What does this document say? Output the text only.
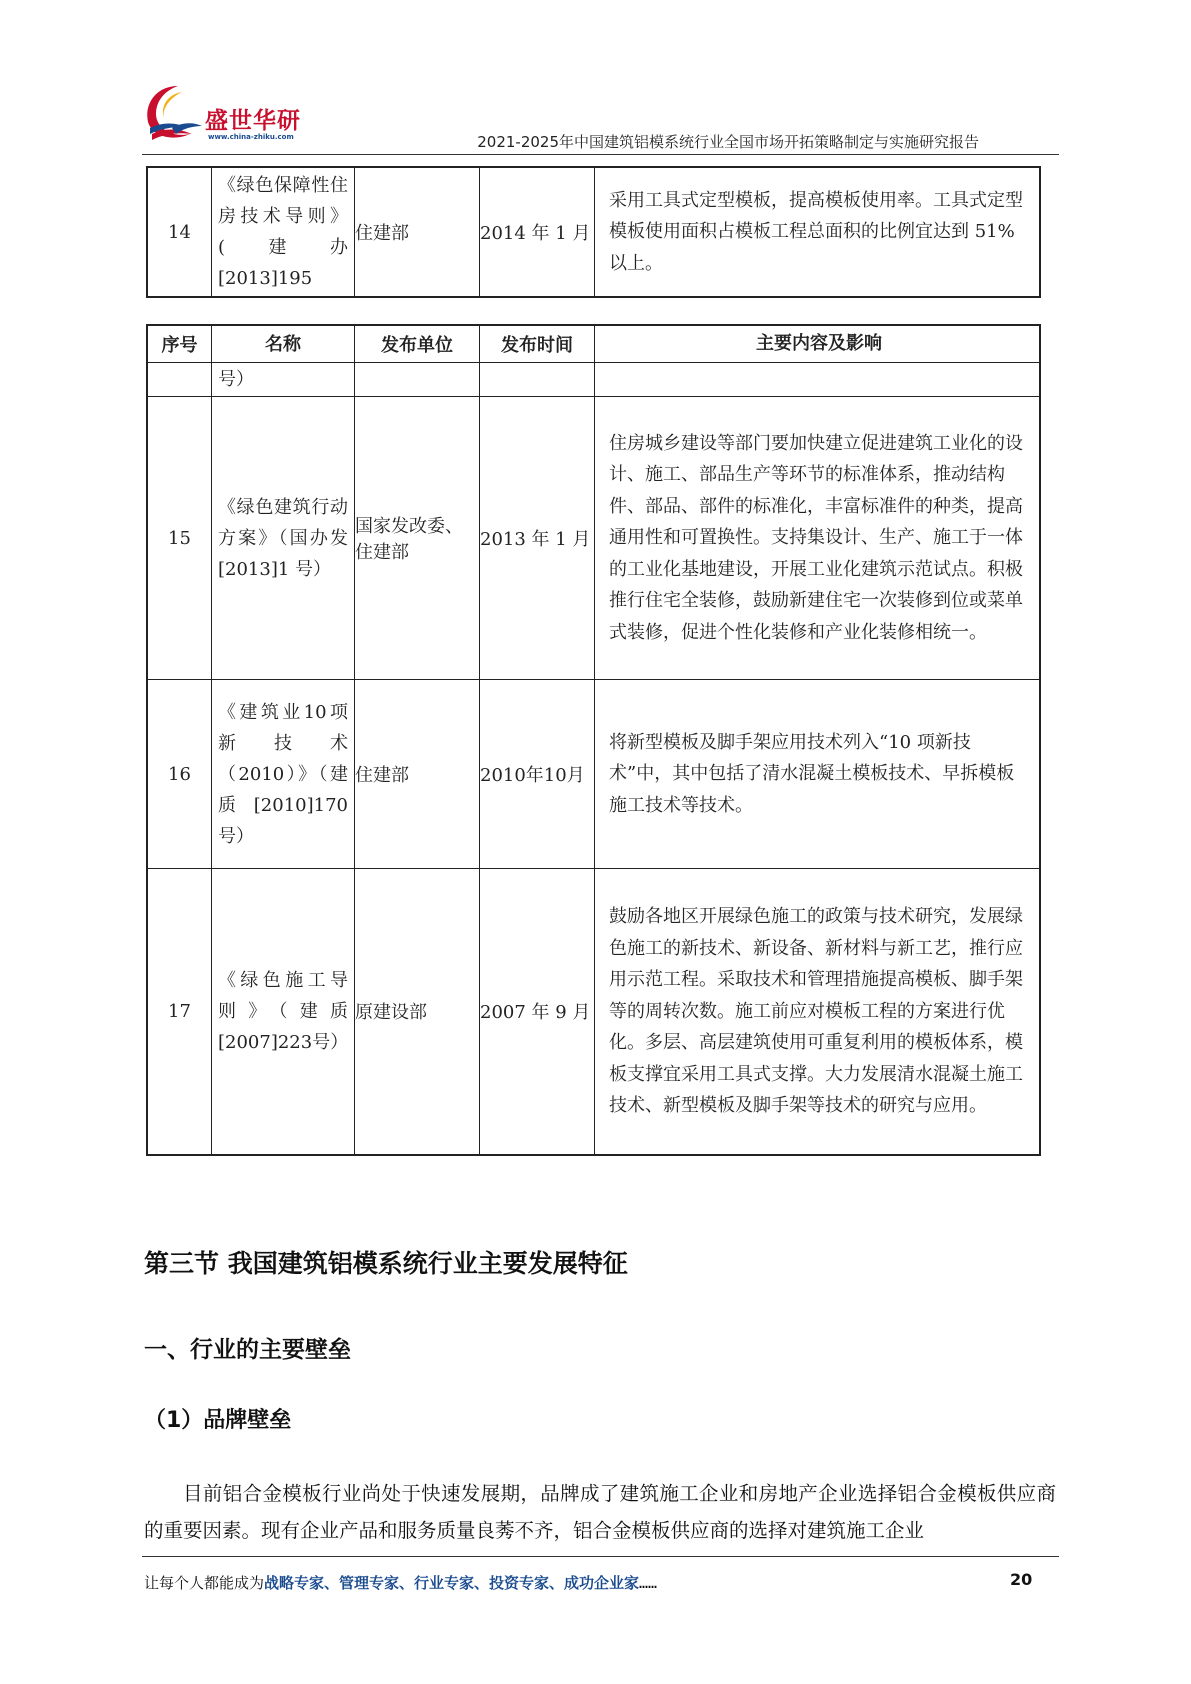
盛世华研
www.china-zhiku.com	2021-2025年中国建筑铝模系统行业全国市场开拓策略制定与实施研究报告
14	《绿色保障性住房技术导则》(建办[2013]195	住建部	2014 年 1 月	采用工具式定型模板，提高模板使用率。工具式定型模板使用面积占模板工程总面积的比例宜达到 51%以上。
序号	名称	发布单位	发布时间	主要内容及影响
	号）			
15	《绿色建筑行动方案》（国办发[2013]1 号）	国家发改委、住建部	2013 年 1 月	住房城乡建设等部门要加快建立促进建筑工业化的设计、施工、部品生产等环节的标准体系，推动结构件、部品、部件的标准化，丰富标准件的种类，提高通用性和可置换性。支持集设计、生产、施工于一体的工业化基地建设，开展工业化建筑示范试点。积极推行住宅全装修，鼓励新建住宅一次装修到位或菜单式装修，促进个性化装修和产业化装修相统一。
16	《建筑业10项新技术（2010）》（建质[2010]170号）	住建部	2010年10月	将新型模板及脚手架应用技术列入“10 项新技术”中，其中包括了清水混凝土模板技术、早拆模板施工技术等技术。
17	《绿色施工导则》（建质[2007]223号）	原建设部	2007 年 9 月	鼓励各地区开展绿色施工的政策与技术研究，发展绿色施工的新技术、新设备、新材料与新工艺，推行应用示范工程。采取技术和管理措施提高模板、脚手架等的周转次数。施工前应对模板工程的方案进行优化。多层、高层建筑使用可重复利用的模板体系，模板支撑宜采用工具式支撑。大力发展清水混凝土施工技术、新型模板及脚手架等技术的研究与应用。
第三节 我国建筑铝模系统行业主要发展特征
一、行业的主要壁垒
（1）品牌壁垒

目前铝合金模板行业尚处于快速发展期，品牌成了建筑施工企业和房地产企业选择铝合金模板供应商的重要因素。现有企业产品和服务质量良莠不齐，铝合金模板供应商的选择对建筑施工企业

让每个人都能成为战略专家、管理专家、行业专家、投资专家、成功企业家……	20
